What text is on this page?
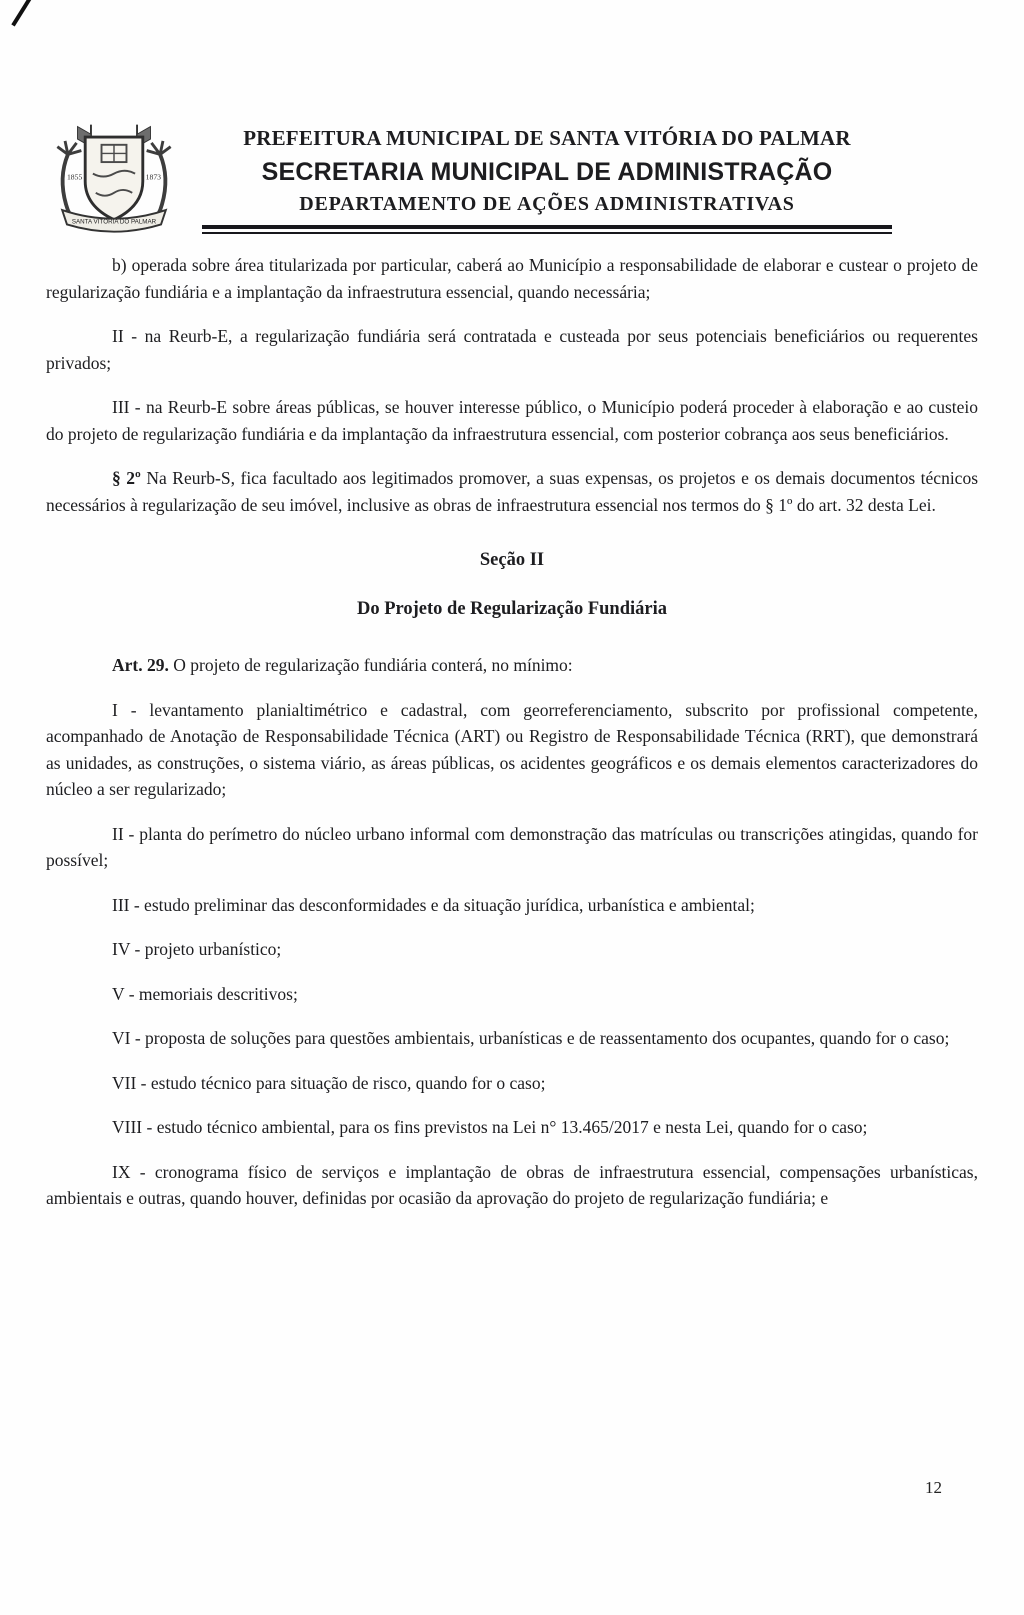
1855	1873
SANTA VITÓRIA DO PALMAR
PREFEITURA MUNICIPAL DE SANTA VITÓRIA DO PALMAR
SECRETARIA MUNICIPAL DE ADMINISTRAÇÃO
DEPARTAMENTO DE AÇÕES ADMINISTRATIVAS

b) operada sobre área titularizada por particular, caberá ao Município a responsabilidade de elaborar e custear o projeto de regularização fundiária e a implantação da infraestrutura essencial, quando necessária;

II - na Reurb-E, a regularização fundiária será contratada e custeada por seus potenciais beneficiários ou requerentes privados;

III - na Reurb-E sobre áreas públicas, se houver interesse público, o Município poderá proceder à elaboração e ao custeio do projeto de regularização fundiária e da implantação da infraestrutura essencial, com posterior cobrança aos seus beneficiários.

§ 2º Na Reurb-S, fica facultado aos legitimados promover, a suas expensas, os projetos e os demais documentos técnicos necessários à regularização de seu imóvel, inclusive as obras de infraestrutura essencial nos termos do § 1º do art. 32 desta Lei.

Seção II

Do Projeto de Regularização Fundiária

Art. 29. O projeto de regularização fundiária conterá, no mínimo:

I - levantamento planialtimétrico e cadastral, com georreferenciamento, subscrito por profissional competente, acompanhado de Anotação de Responsabilidade Técnica (ART) ou Registro de Responsabilidade Técnica (RRT), que demonstrará as unidades, as construções, o sistema viário, as áreas públicas, os acidentes geográficos e os demais elementos caracterizadores do núcleo a ser regularizado;

II - planta do perímetro do núcleo urbano informal com demonstração das matrículas ou transcrições atingidas, quando for possível;

III - estudo preliminar das desconformidades e da situação jurídica, urbanística e ambiental;

IV - projeto urbanístico;

V - memoriais descritivos;

VI - proposta de soluções para questões ambientais, urbanísticas e de reassentamento dos ocupantes, quando for o caso;

VII - estudo técnico para situação de risco, quando for o caso;

VIII - estudo técnico ambiental, para os fins previstos na Lei n° 13.465/2017 e nesta Lei, quando for o caso;

IX - cronograma físico de serviços e implantação de obras de infraestrutura essencial, compensações urbanísticas, ambientais e outras, quando houver, definidas por ocasião da aprovação do projeto de regularização fundiária; e

12
